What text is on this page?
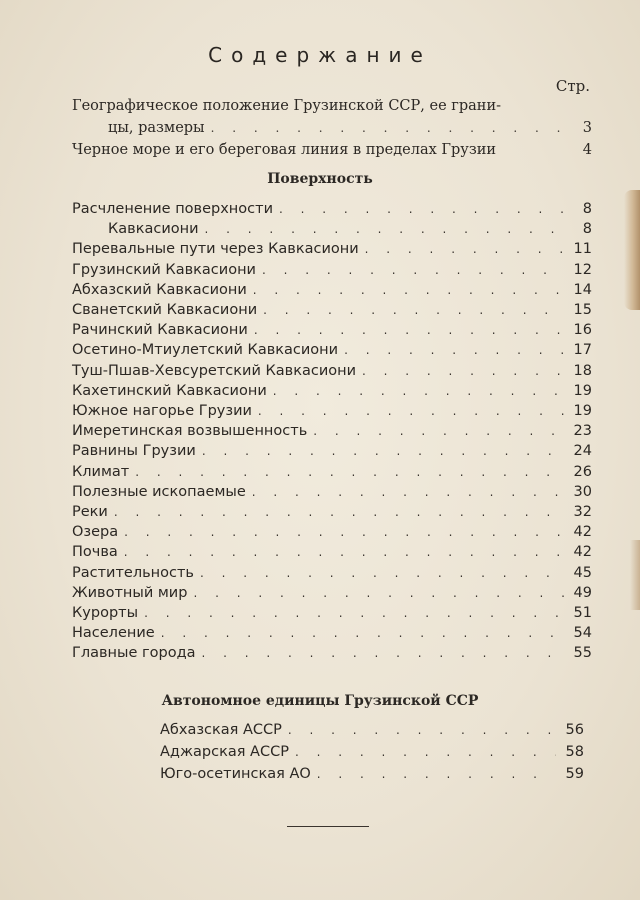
Содержание
Стр.
Географическое положение Грузинской ССР, ее грани-
цы, размеры . . .	3
Черное море и его береговая линия в пределах Грузии	4
Поверхность
Расчленение поверхности . . .	8
Кавкасиони . . .	8
Перевальные пути через Кавкасиони . . .	11
Грузинский Кавкасиони . . .	12
Абхазский Кавкасиони . . .	14
Сванетский Кавкасиони . . .	15
Рачинский Кавкасиони . . .	16
Осетино-Мтиулетский Кавкасиони . . .	17
Туш-Пшав-Хевсуретский Кавкасиони . . .	18
Кахетинский Кавкасиони . . .	19
Южное нагорье Грузии . . .	19
Имеретинская возвышенность . . .	23
Равнины Грузии . . .	24
Климат . . .	26
Полезные ископаемые . . .	30
Реки . . .	32
Озера . . .	42
Почва . . .	42
Растительность . . .	45
Животный мир . . .	49
Курорты . . .	51
Население . . .	54
Главные города . . .	55
Автономное единицы Грузинской ССР
Абхазская АССР . . .	56
Аджарская АССР . . .	58
Юго-осетинская АО . . .	59
